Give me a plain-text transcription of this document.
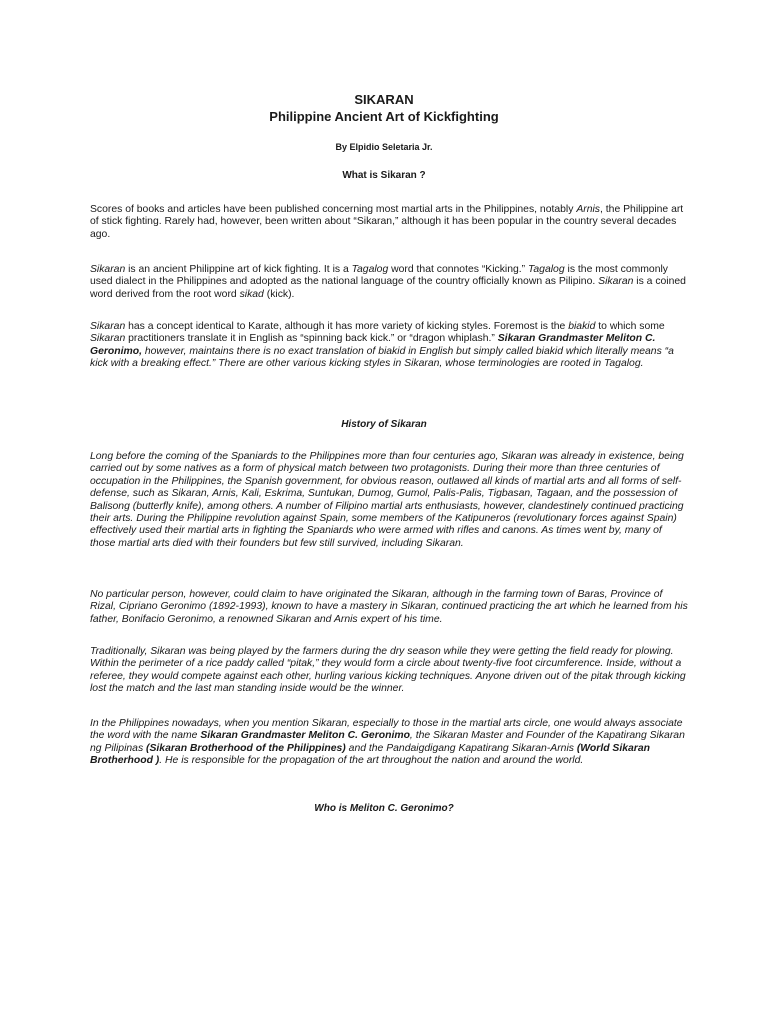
SIKARAN

Philippine Ancient Art of Kickfighting

By Elpidio Seletaria Jr.

What is Sikaran ?

Scores of books and articles have been published concerning most martial arts in the Philippines, notably Arnis, the Philippine art of stick fighting. Rarely had, however, been written about “Sikaran,” although it has been popular in the country several decades ago.

Sikaran is an ancient Philippine art of kick fighting. It is a Tagalog word that connotes “Kicking.” Tagalog is the most commonly used dialect in the Philippines and adopted as the national language of the country officially known as Pilipino. Sikaran is a coined word derived from the root word sikad (kick).

Sikaran has a concept identical to Karate, although it has more variety of kicking styles. Foremost is the biakid to which some Sikaran practitioners translate it in English as “spinning back kick.” or “dragon whiplash.” Sikaran Grandmaster Meliton C. Geronimo, however, maintains there is no exact translation of biakid in English but simply called biakid which literally means “a kick with a breaking effect.” There are other various kicking styles in Sikaran, whose terminologies are rooted in Tagalog.

History of Sikaran

Long before the coming of the Spaniards to the Philippines more than four centuries ago, Sikaran was already in existence, being carried out by some natives as a form of physical match between two protagonists. During their more than three centuries of occupation in the Philippines, the Spanish government, for obvious reason, outlawed all kinds of martial arts and all forms of self-defense, such as Sikaran, Arnis, Kali, Eskrima, Suntukan, Dumog, Gumol, Palis-Palis, Tigbasan, Tagaan, and the possession of Balisong (butterfly knife), among others. A number of Filipino martial arts enthusiasts, however, clandestinely continued practicing their arts. During the Philippine revolution against Spain, some members of the Katipuneros (revolutionary forces against Spain) effectively used their martial arts in fighting the Spaniards who were armed with rifles and canons. As times went by, many of those martial arts died with their founders but few still survived, including Sikaran.

No particular person, however, could claim to have originated the Sikaran, although in the farming town of Baras, Province of Rizal, Cipriano Geronimo (1892-1993), known to have a mastery in Sikaran, continued practicing the art which he learned from his father, Bonifacio Geronimo, a renowned Sikaran and Arnis expert of his time.

Traditionally, Sikaran was being played by the farmers during the dry season while they were getting the field ready for plowing. Within the perimeter of a rice paddy called “pitak,” they would form a circle about twenty-five foot circumference. Inside, without a referee, they would compete against each other, hurling various kicking techniques. Anyone driven out of the pitak through kicking lost the match and the last man standing inside would be the winner.

In the Philippines nowadays, when you mention Sikaran, especially to those in the martial arts circle, one would always associate the word with the name Sikaran Grandmaster Meliton C. Geronimo, the Sikaran Master and Founder of the Kapatirang Sikaran ng Pilipinas (Sikaran Brotherhood of the Philippines) and the Pandaigdigang Kapatirang Sikaran-Arnis (World Sikaran Brotherhood ). He is responsible for the propagation of the art throughout the nation and around the world.

Who is Meliton C. Geronimo?
